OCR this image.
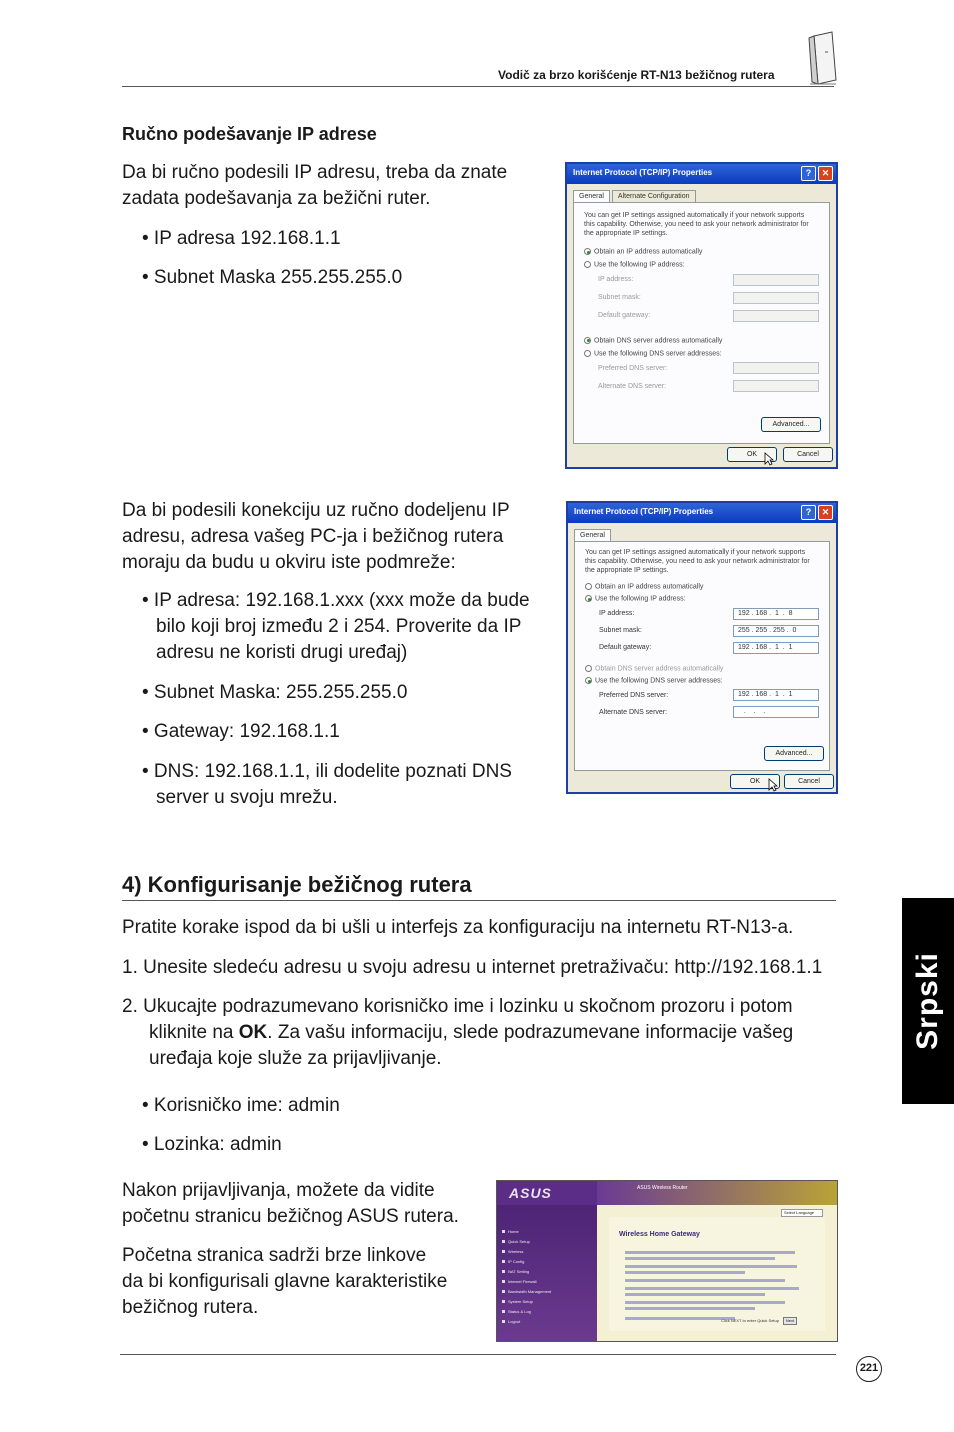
Vodič za brzo korišćenje RT-N13 bežičnog rutera
Ručno podešavanje IP adrese
Da bi ručno podesili IP adresu, treba da znate
zadata podešavanja za bežični ruter.
• IP adresa 192.168.1.1
• Subnet Maska 255.255.255.0
Internet Protocol (TCP/IP) Properties	?	✕
General	Alternate Configuration
You can get IP settings assigned automatically if your network supports
this capability. Otherwise, you need to ask your network administrator for
the appropriate IP settings.
Obtain an IP address automatically
Use the following IP address:
IP address:
Subnet mask:
Default gateway:
Obtain DNS server address automatically
Use the following DNS server addresses:
Preferred DNS server:
Alternate DNS server:
Advanced...
OK	Cancel
Da bi podesili konekciju uz ručno dodeljenu IP
adresu, adresa vašeg PC-ja i bežičnog rutera
moraju da budu u okviru iste podmreže:
• IP adresa: 192.168.1.xxx (xxx može da bude
bilo koji broj između 2 i 254. Proverite da IP
adresu ne koristi drugi uređaj)
• Subnet Maska: 255.255.255.0
• Gateway: 192.168.1.1
• DNS: 192.168.1.1, ili dodelite poznati DNS
server u svoju mrežu.
Internet Protocol (TCP/IP) Properties	?	✕
General
You can get IP settings assigned automatically if your network supports
this capability. Otherwise, you need to ask your network administrator for
the appropriate IP settings.
Obtain an IP address automatically
Use the following IP address:
IP address:	192 . 168 .  1  .  8
Subnet mask:	255 . 255 . 255 .  0
Default gateway:	192 . 168 .  1  .  1
Obtain DNS server address automatically
Use the following DNS server addresses:
Preferred DNS server:	192 . 168 .  1  .  1
Alternate DNS server:	.    .    .
Advanced...
OK	Cancel
4) Konfigurisanje bežičnog rutera
Pratite korake ispod da bi ušli u interfejs za konfiguraciju na internetu RT-N13-a.
1. Unesite sledeću adresu u svoju adresu u internet pretraživaču: http://192.168.1.1
2. Ukucajte podrazumevano korisničko ime i lozinku u skočnom prozoru i potom
kliknite na OK. Za vašu informaciju, slede podrazumevane informacije vašeg
uređaja koje služe za prijavljivanje.
• Korisničko ime: admin
• Lozinka: admin
Nakon prijavljivanja, možete da vidite
početnu stranicu bežičnog ASUS rutera.
Početna stranica sadrži brze linkove
da bi konfigurisali glavne karakteristike
bežičnog rutera.
ASUS	ASUS Wireless Router
Home
Quick Setup
Wireless
IP Config
NAT Setting
Internet Firewall
Bandwidth Management
System Setup
Status & Log
Logout
Select Language
Wireless Home Gateway
Click NEXT to enter Quick Setup	Next
Srpski
221
